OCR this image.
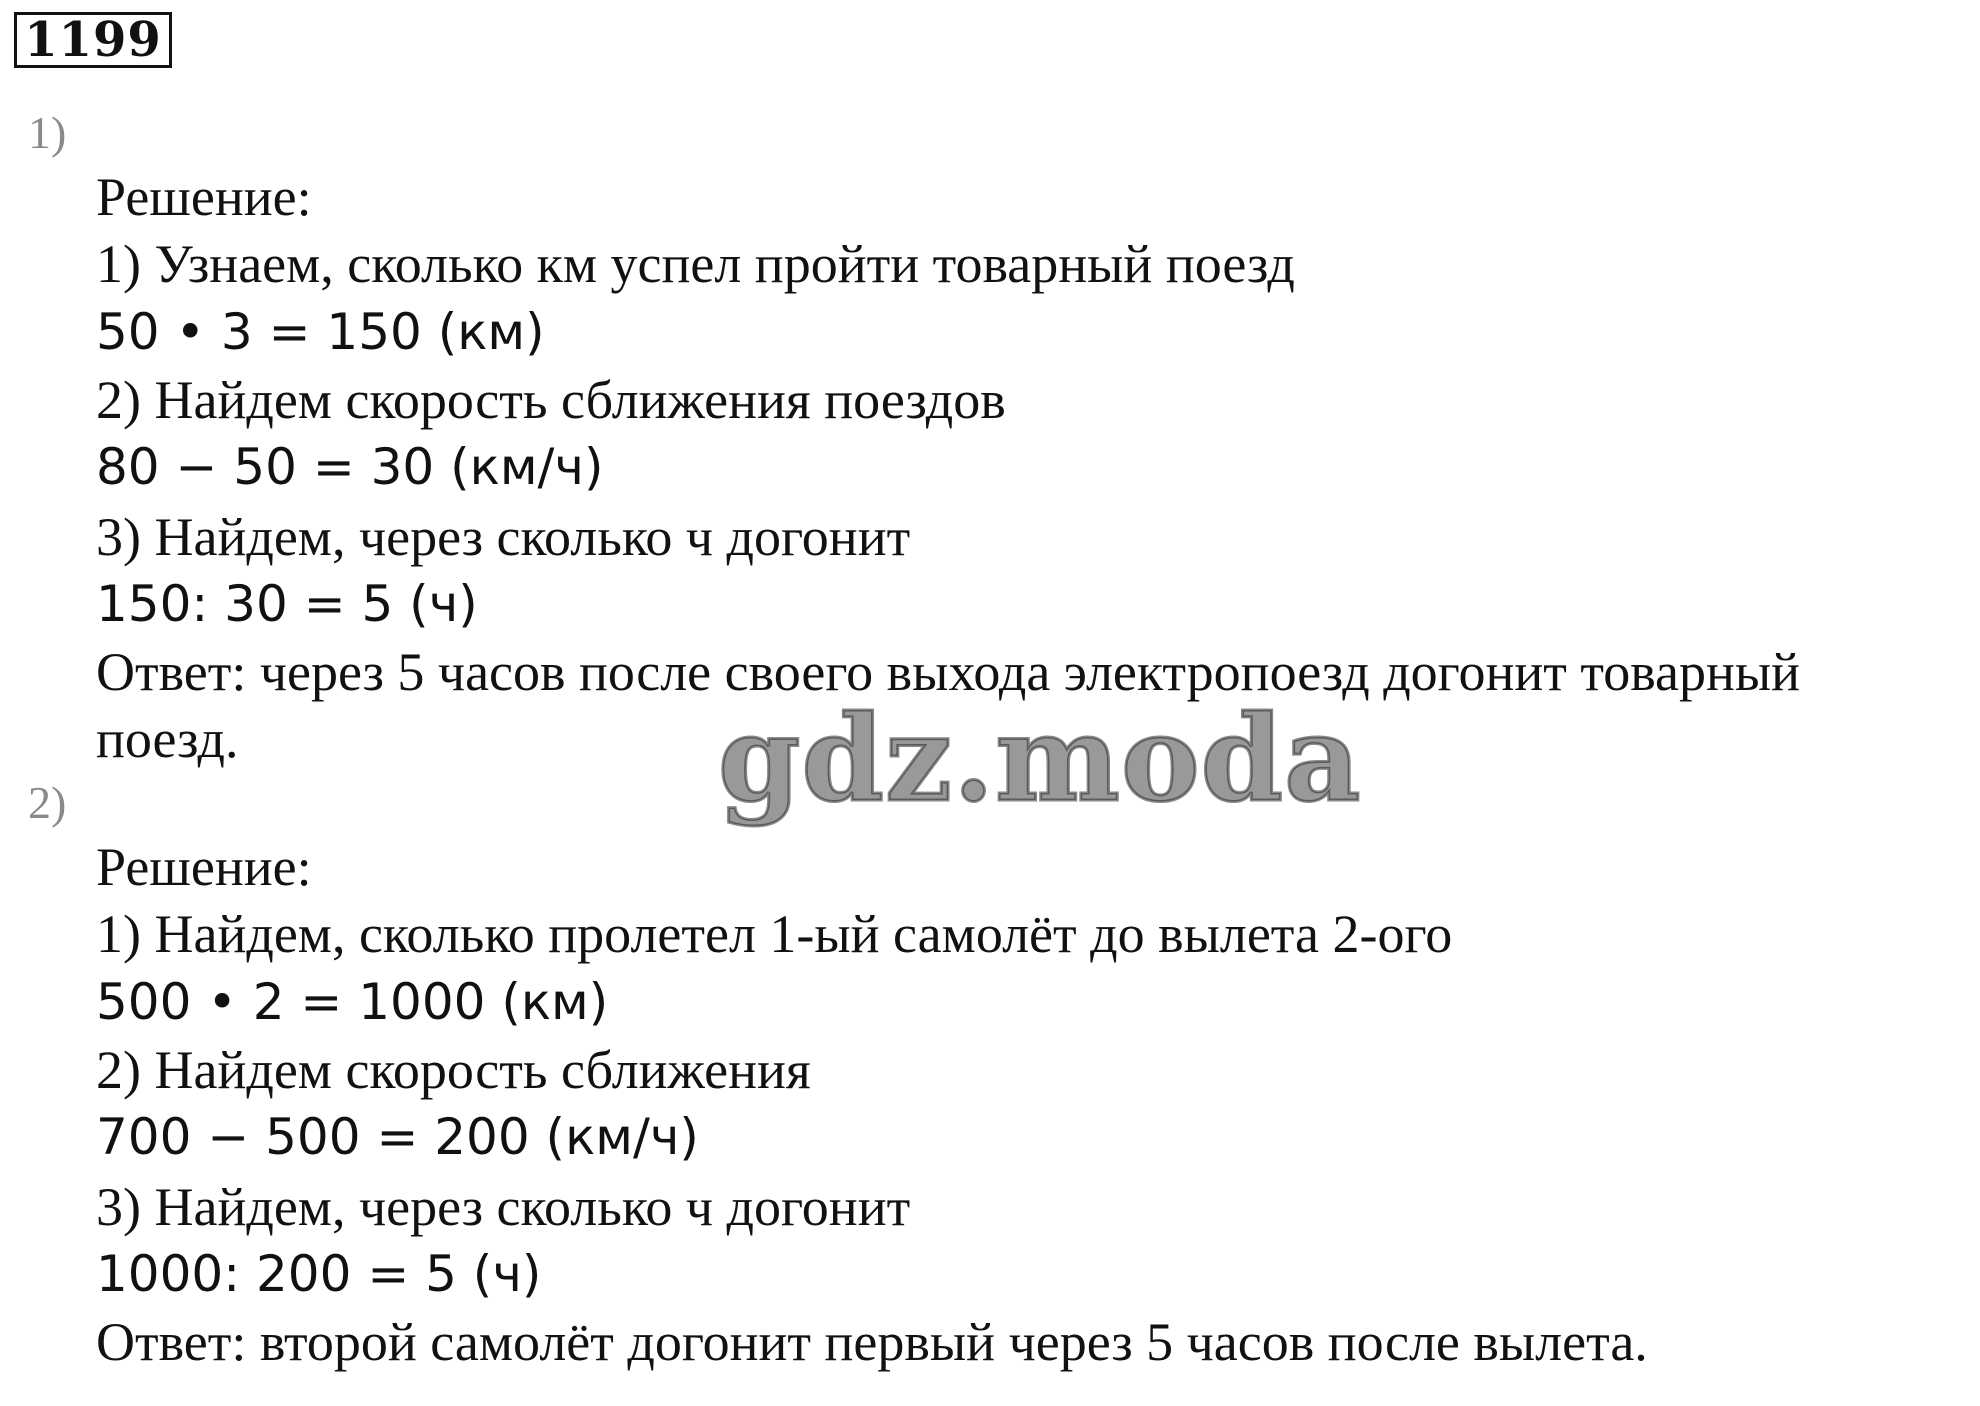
1199
1)
Решение:
1) Узнаем, сколько км успел пройти товарный поезд
50 • 3 = 150 (км)
2) Найдем скорость сближения поездов
80 − 50 = 30 (км/ч)
3) Найдем, через сколько ч догонит
150: 30 = 5 (ч)
Ответ: через 5 часов после своего выхода электропоезд догонит товарный
поезд.
2)
Решение:
1) Найдем, сколько пролетел 1-ый самолёт до вылета 2-ого
500 • 2 = 1000 (км)
2) Найдем скорость сближения
700 − 500 = 200 (км/ч)
3) Найдем, через сколько ч догонит
1000: 200 = 5 (ч)
Ответ: второй самолёт догонит первый через 5 часов после вылета.
gdz.moda
